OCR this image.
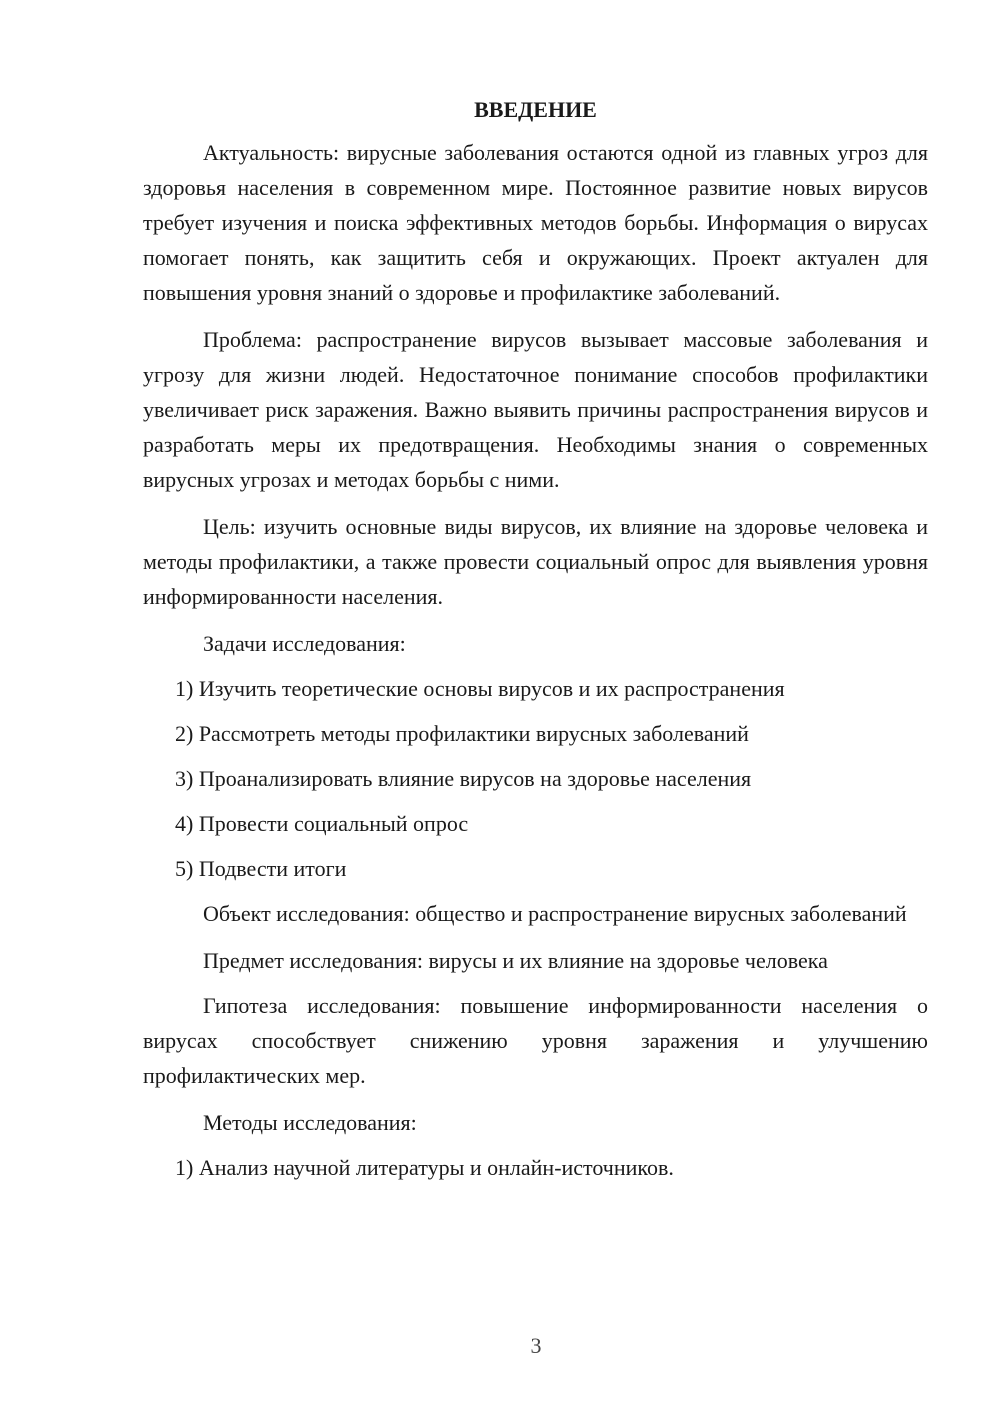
ВВЕДЕНИЕ

Актуальность: вирусные заболевания остаются одной из главных угроз для здоровья населения в современном мире. Постоянное развитие новых вирусов требует изучения и поиска эффективных методов борьбы. Информация о вирусах помогает понять, как защитить себя и окружающих. Проект актуален для повышения уровня знаний о здоровье и профилактике заболеваний.

Проблема: распространение вирусов вызывает массовые заболевания и угрозу для жизни людей. Недостаточное понимание способов профилактики увеличивает риск заражения. Важно выявить причины распространения вирусов и разработать меры их предотвращения. Необходимы знания о современных вирусных угрозах и методах борьбы с ними.

Цель: изучить основные виды вирусов, их влияние на здоровье человека и методы профилактики, а также провести социальный опрос для выявления уровня информированности населения.

Задачи исследования:

1) Изучить теоретические основы вирусов и их распространения

2) Рассмотреть методы профилактики вирусных заболеваний

3) Проанализировать влияние вирусов на здоровье населения

4) Провести социальный опрос

5) Подвести итоги

Объект исследования: общество и распространение вирусных заболеваний

Предмет исследования: вирусы и их влияние на здоровье человека

Гипотеза исследования: повышение информированности населения о вирусах способствует снижению уровня заражения и улучшению профилактических мер.

Методы исследования:

1) Анализ научной литературы и онлайн-источников.

3
